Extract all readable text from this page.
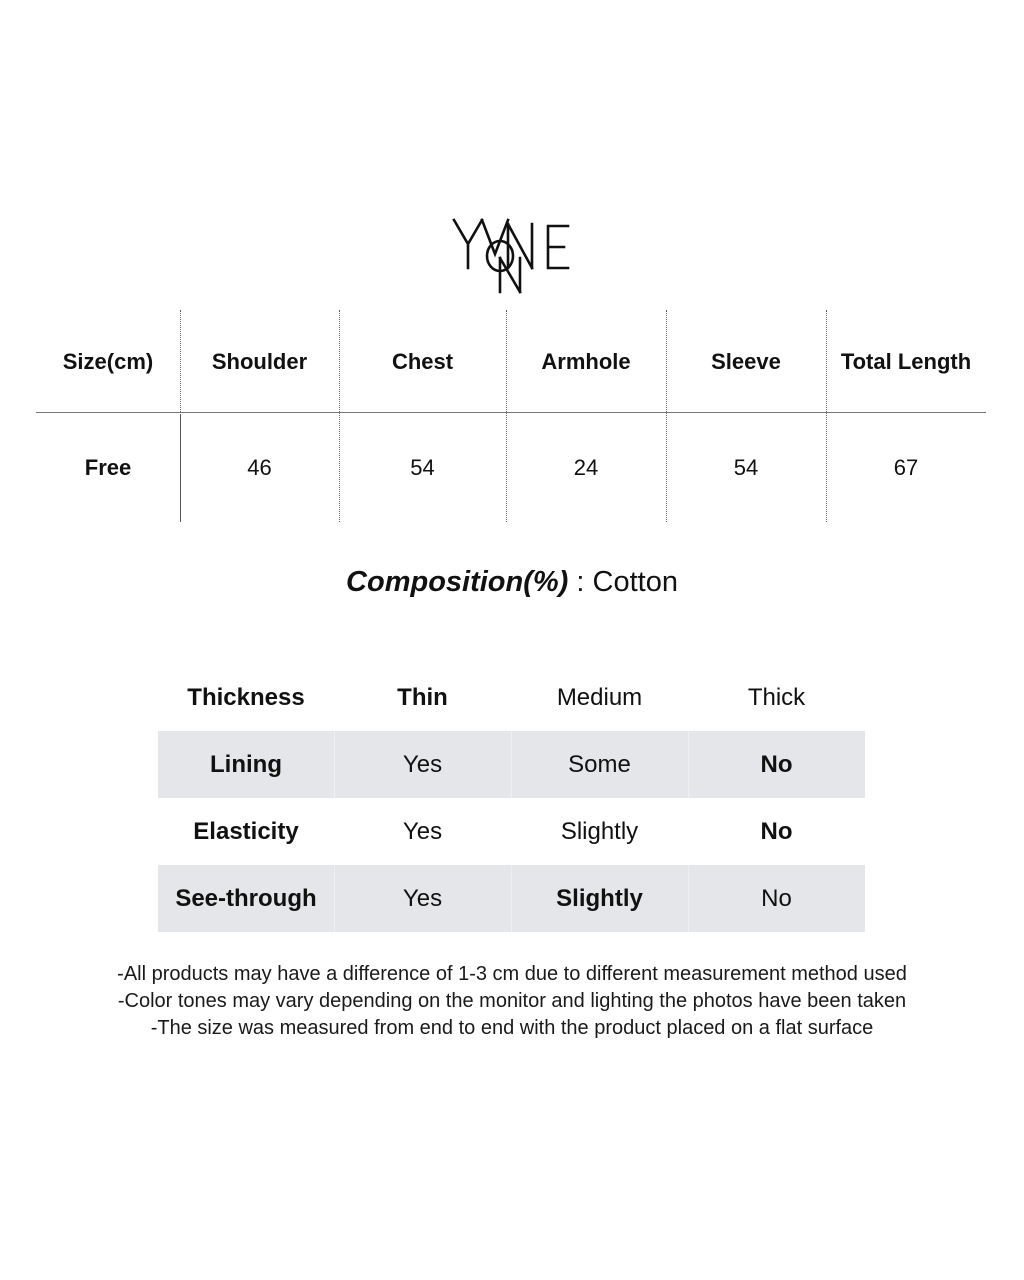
Size(cm)	Shoulder	Chest	Armhole	Sleeve	Total Length
Free	46	54	24	54	67
Composition(%) : Cotton
Thickness	Thin	Medium	Thick
Lining	Yes	Some	No
Elasticity	Yes	Slightly	No
See-through	Yes	Slightly	No
-All products may have a difference of 1-3 cm due to different measurement method used
-Color tones may vary depending on the monitor and lighting the photos have been taken
-The size was measured from end to end with the product placed on a flat surface
